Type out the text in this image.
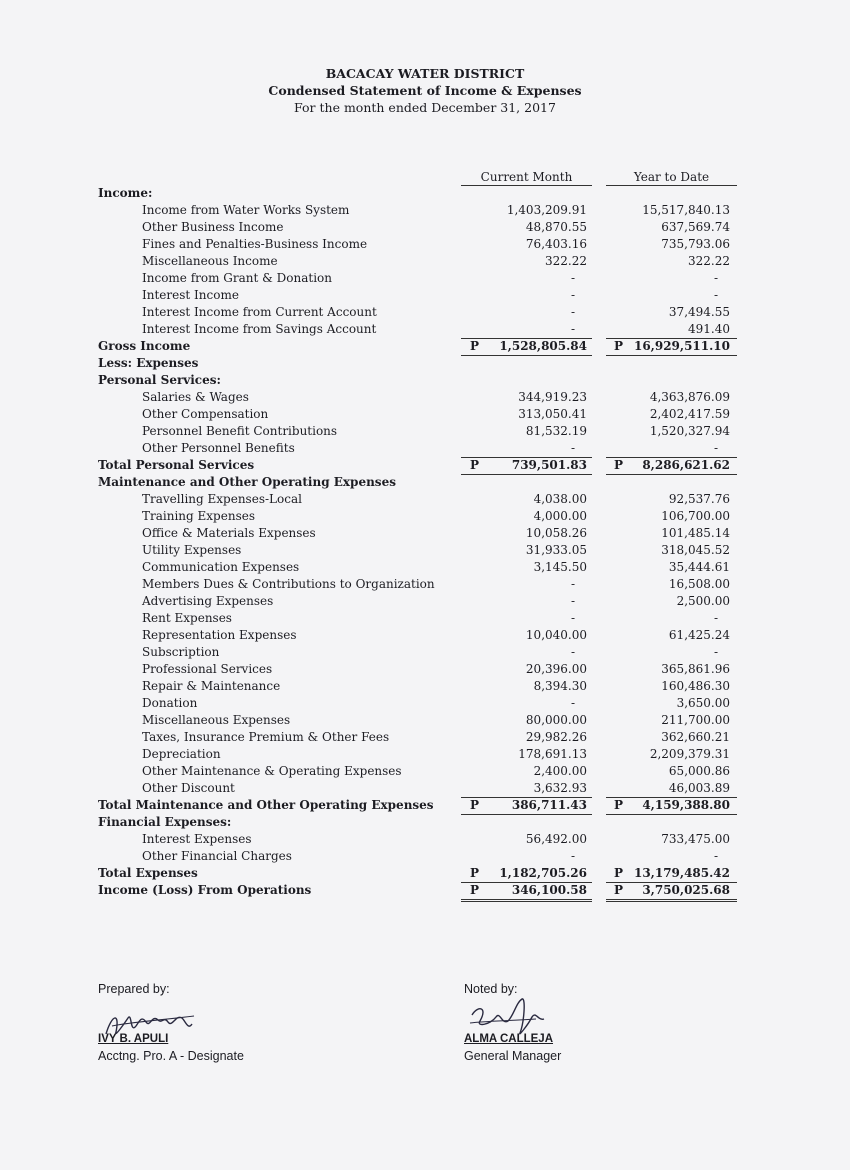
BACACAY WATER DISTRICT
Condensed Statement of Income & Expenses
For the month ended December 31, 2017
Current Month	Year to Date
Income:
Income from Water Works System	1,403,209.91	15,517,840.13
Other Business Income	48,870.55	637,569.74
Fines and Penalties-Business Income	76,403.16	735,793.06
Miscellaneous Income	322.22	322.22
Income from Grant & Donation	-	-
Interest Income	-	-
Interest Income from Current Account	-	37,494.55
Interest Income from Savings Account	-	491.40
Gross Income	1,528,805.84	16,929,511.10
P	P
Less: Expenses
Personal Services:
Salaries & Wages	344,919.23	4,363,876.09
Other Compensation	313,050.41	2,402,417.59
Personnel Benefit Contributions	81,532.19	1,520,327.94
Other Personnel Benefits	-	-
Total Personal Services	739,501.83	8,286,621.62
P	P
Maintenance and Other Operating Expenses
Travelling Expenses-Local	4,038.00	92,537.76
Training Expenses	4,000.00	106,700.00
Office & Materials Expenses	10,058.26	101,485.14
Utility Expenses	31,933.05	318,045.52
Communication Expenses	3,145.50	35,444.61
Members Dues & Contributions to Organization	-	16,508.00
Advertising Expenses	-	2,500.00
Rent Expenses	-	-
Representation Expenses	10,040.00	61,425.24
Subscription	-	-
Professional Services	20,396.00	365,861.96
Repair & Maintenance	8,394.30	160,486.30
Donation	-	3,650.00
Miscellaneous Expenses	80,000.00	211,700.00
Taxes, Insurance Premium & Other Fees	29,982.26	362,660.21
Depreciation	178,691.13	2,209,379.31
Other Maintenance & Operating Expenses	2,400.00	65,000.86
Other Discount	3,632.93	46,003.89
Total Maintenance and Other Operating Expenses	386,711.43	4,159,388.80
P	P
Financial Expenses:
Interest Expenses	56,492.00	733,475.00
Other Financial Charges	-	-
Total Expenses	1,182,705.26	13,179,485.42
P	P
Income (Loss) From Operations	346,100.58	3,750,025.68
P	P
Prepared by:
IVY B. APULI
Acctng. Pro. A - Designate
Noted by:
ALMA CALLEJA
General Manager
